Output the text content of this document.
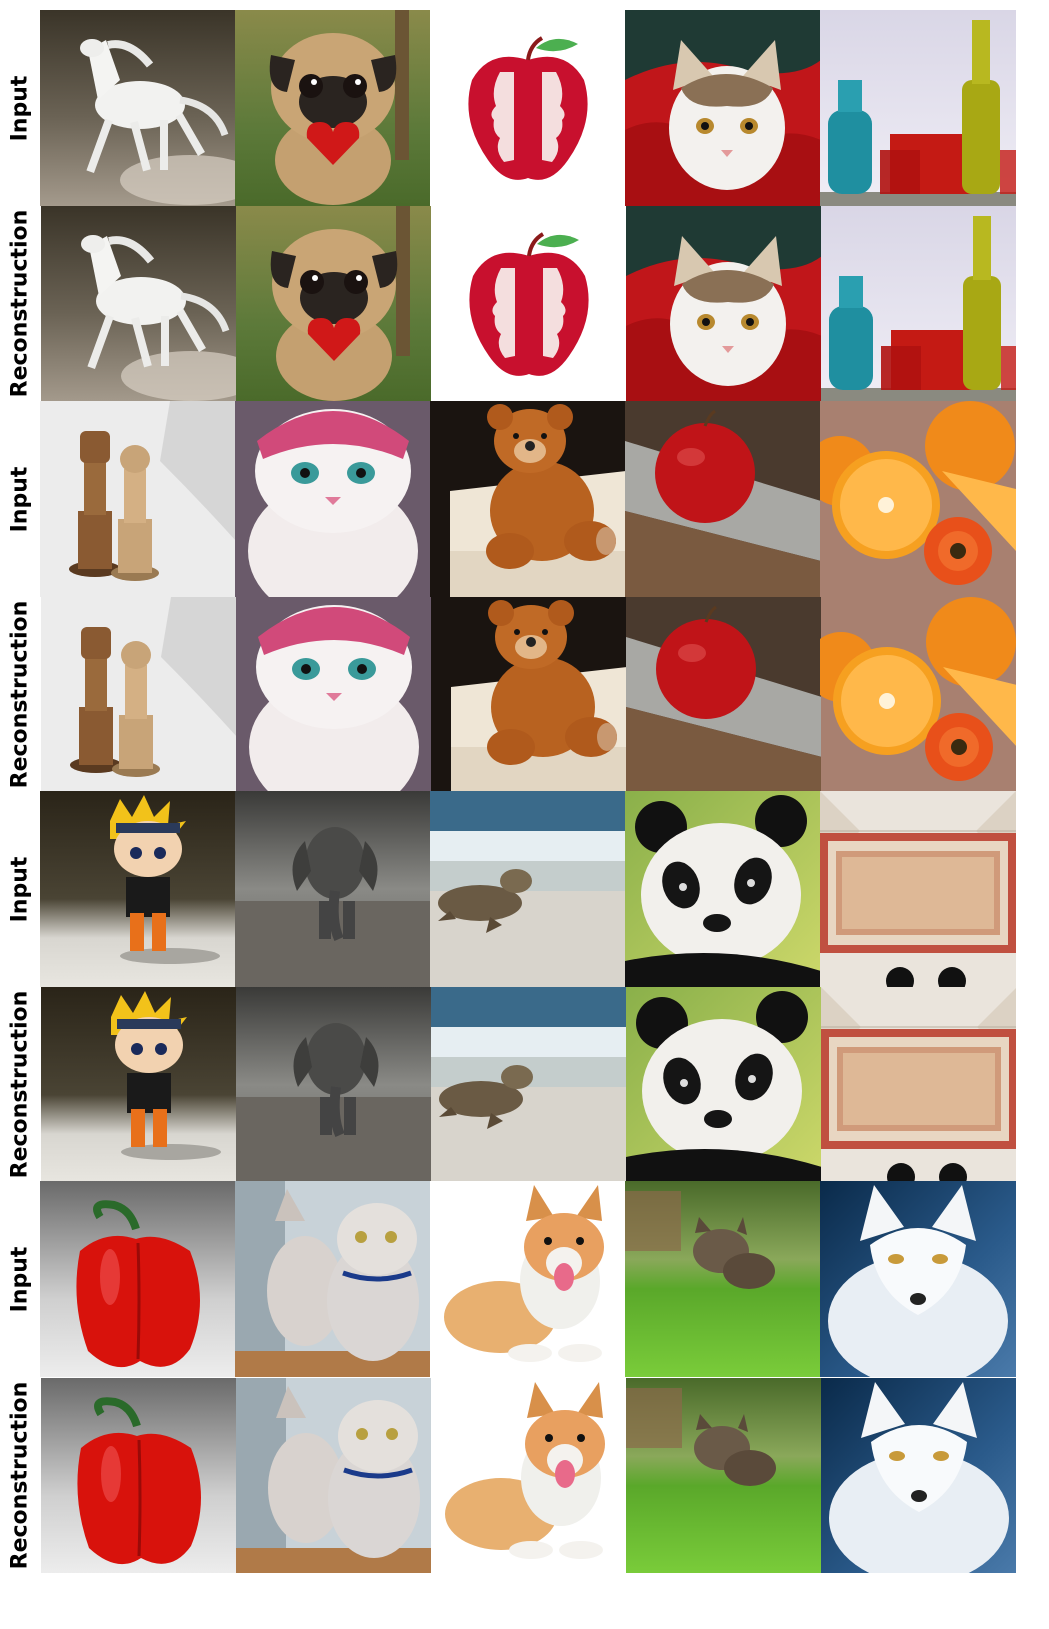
Input
Reconstruction
Input
Reconstruction
Input
Reconstruction
Input
Reconstruction
